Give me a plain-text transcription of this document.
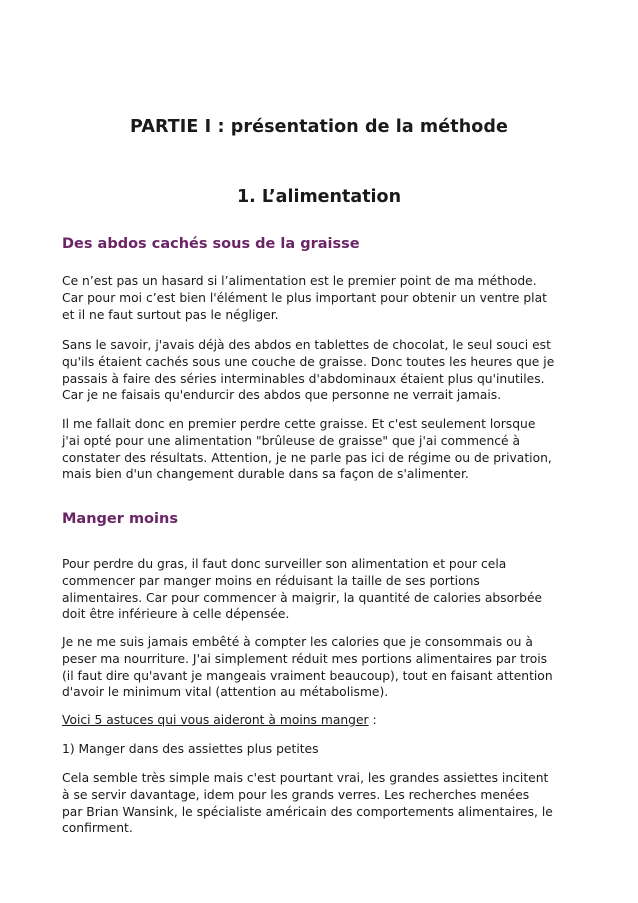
PARTIE I : présentation de la méthode
1. L’alimentation
Des abdos cachés sous de la graisse
Ce n’est pas un hasard si l’alimentation est le premier point de ma méthode.
Car pour moi c’est bien l'élément le plus important pour obtenir un ventre plat
et il ne faut surtout pas le négliger.
Sans le savoir, j'avais déjà des abdos en tablettes de chocolat, le seul souci est
qu'ils étaient cachés sous une couche de graisse. Donc toutes les heures que je
passais à faire des séries interminables d'abdominaux étaient plus qu'inutiles.
Car je ne faisais qu'endurcir des abdos que personne ne verrait jamais.
Il me fallait donc en premier perdre cette graisse. Et c'est seulement lorsque
j'ai opté pour une alimentation "brûleuse de graisse" que j'ai commencé à
constater des résultats. Attention, je ne parle pas ici de régime ou de privation,
mais bien d'un changement durable dans sa façon de s'alimenter.
Manger moins
Pour perdre du gras, il faut donc surveiller son alimentation et pour cela
commencer par manger moins en réduisant la taille de ses portions
alimentaires. Car pour commencer à maigrir, la quantité de calories absorbée
doit être inférieure à celle dépensée.
Je ne me suis jamais embêté à compter les calories que je consommais ou à
peser ma nourriture. J'ai simplement réduit mes portions alimentaires par trois
(il faut dire qu'avant je mangeais vraiment beaucoup), tout en faisant attention
d'avoir le minimum vital (attention au métabolisme).
Voici 5 astuces qui vous aideront à moins manger :
1) Manger dans des assiettes plus petites
Cela semble très simple mais c'est pourtant vrai, les grandes assiettes incitent
à se servir davantage, idem pour les grands verres. Les recherches menées
par Brian Wansink, le spécialiste américain des comportements alimentaires, le
confirment.
